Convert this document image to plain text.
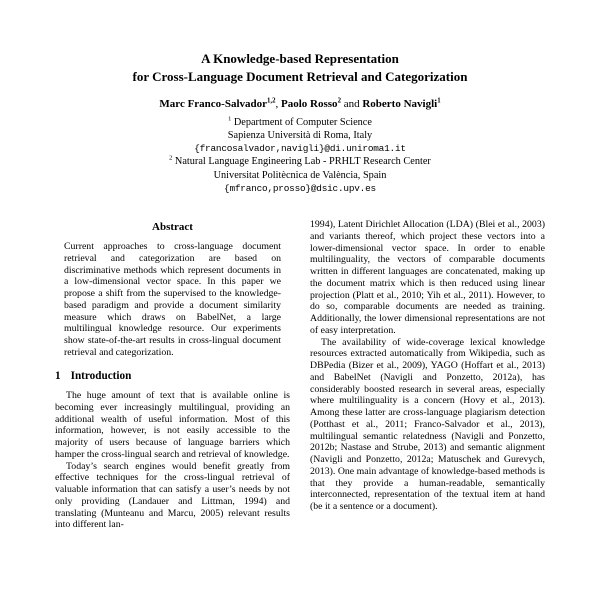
A Knowledge-based Representation
for Cross-Language Document Retrieval and Categorization
Marc Franco-Salvador$^{1,2}$, Paolo Rosso$^2$ and Roberto Navigli$^1$
$^1$ Department of Computer Science
Sapienza Università di Roma, Italy
{francosalvador,navigli}@di.uniroma1.it
$^2$ Natural Language Engineering Lab - PRHLT Research Center
Universitat Politècnica de València, Spain
{mfranco,prosso}@dsic.upv.es
Abstract

Current approaches to cross-language document retrieval and categorization are based on discriminative methods which represent documents in a low-dimensional vector space. In this paper we propose a shift from the supervised to the knowledge-based paradigm and provide a document similarity measure which draws on BabelNet, a large multilingual knowledge resource. Our experiments show state-of-the-art results in cross-lingual document retrieval and categorization.

1 Introduction

The huge amount of text that is available online is becoming ever increasingly multilingual, providing an additional wealth of useful information. Most of this information, however, is not easily accessible to the majority of users because of language barriers which hamper the cross-lingual search and retrieval of knowledge.

Today’s search engines would benefit greatly from effective techniques for the cross-lingual retrieval of valuable information that can satisfy a user’s needs by not only providing (Landauer and Littman, 1994) and translating (Munteanu and Marcu, 2005) relevant results into different lan-

1994), Latent Dirichlet Allocation (LDA) (Blei et al., 2003) and variants thereof, which project these vectors into a lower-dimensional vector space. In order to enable multilinguality, the vectors of comparable documents written in different languages are concatenated, making up the document matrix which is then reduced using linear projection (Platt et al., 2010; Yih et al., 2011). However, to do so, comparable documents are needed as training. Additionally, the lower dimensional representations are not of easy interpretation.

The availability of wide-coverage lexical knowledge resources extracted automatically from Wikipedia, such as DBPedia (Bizer et al., 2009), YAGO (Hoffart et al., 2013) and BabelNet (Navigli and Ponzetto, 2012a), has considerably boosted research in several areas, especially where multilinguality is a concern (Hovy et al., 2013). Among these latter are cross-language plagiarism detection (Potthast et al., 2011; Franco-Salvador et al., 2013), multilingual semantic relatedness (Navigli and Ponzetto, 2012b; Nastase and Strube, 2013) and semantic alignment (Navigli and Ponzetto, 2012a; Matuschek and Gurevych, 2013). One main advantage of knowledge-based methods is that they provide a human-readable, semantically interconnected, representation of the textual item at hand (be it a sentence or a document).
